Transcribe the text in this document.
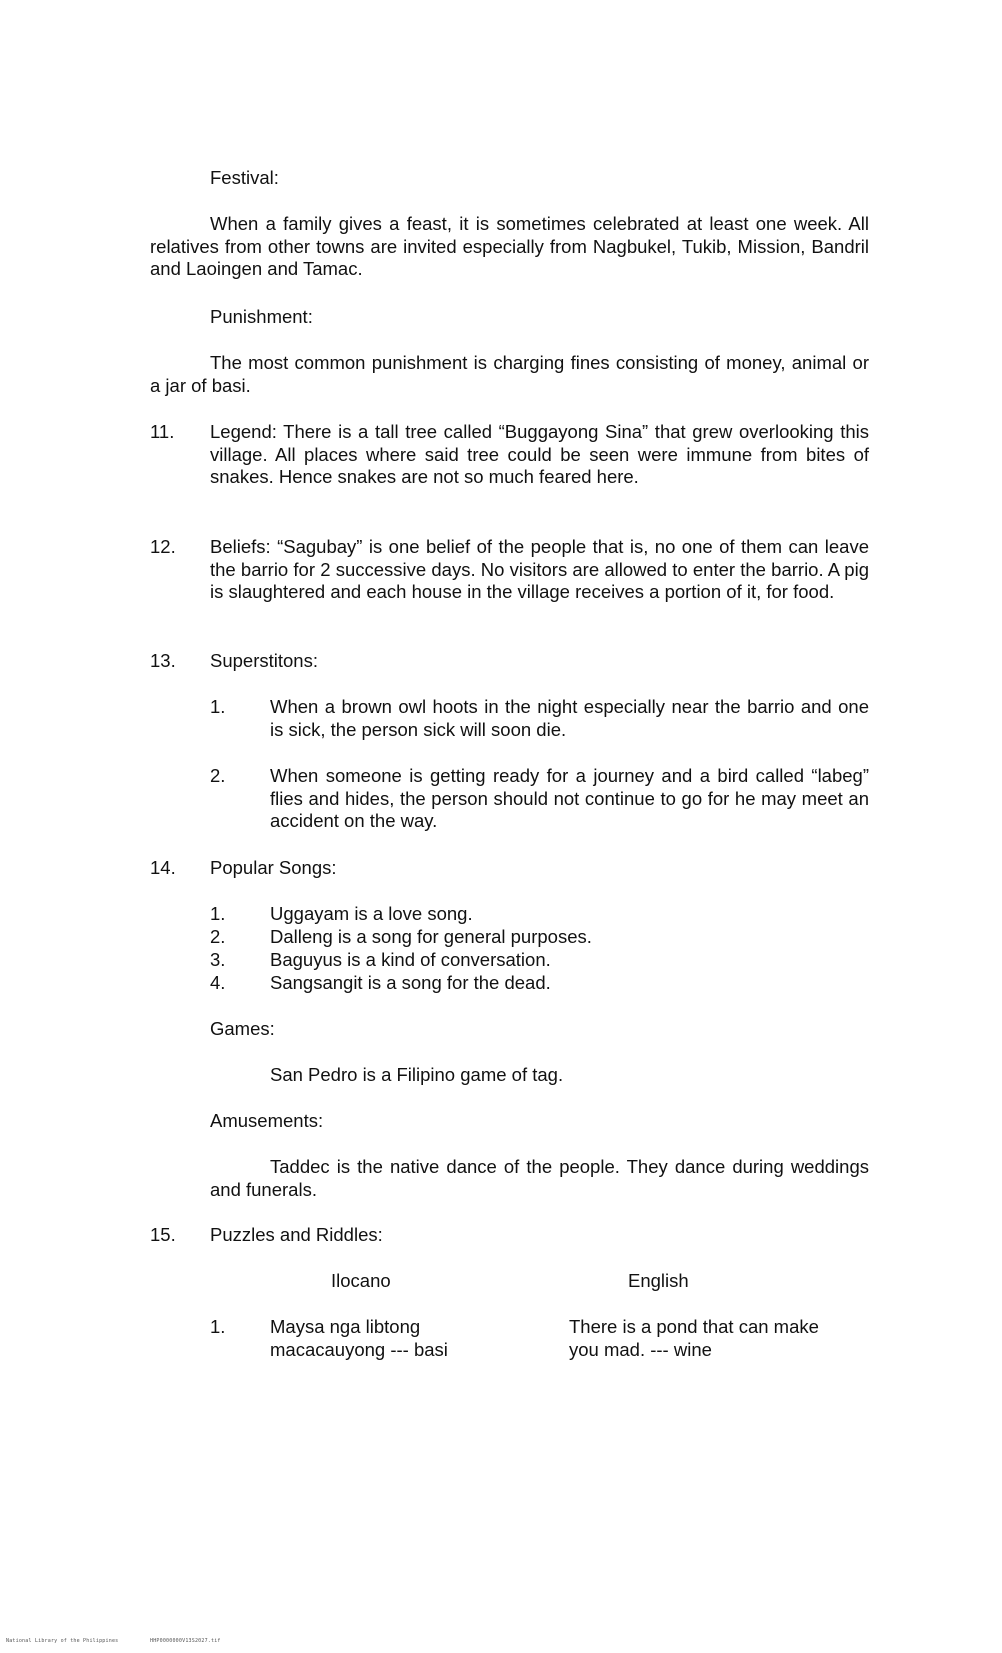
Festival:
When a family gives a feast, it is sometimes celebrated at least one week. All relatives from other towns are invited especially from Nagbukel, Tukib, Mission, Bandril and Laoingen and Tamac.
Punishment:
The most common punishment is charging fines consisting of money, animal or a jar of basi.
11. Legend: There is a tall tree called “Buggayong Sina” that grew overlooking this village. All places where said tree could be seen were immune from bites of snakes. Hence snakes are not so much feared here.
12. Beliefs: “Sagubay” is one belief of the people that is, no one of them can leave the barrio for 2 successive days. No visitors are allowed to enter the barrio. A pig is slaughtered and each house in the village receives a portion of it, for food.
13. Superstitons:
1. When a brown owl hoots in the night especially near the barrio and one is sick, the person sick will soon die.
2. When someone is getting ready for a journey and a bird called “labeg” flies and hides, the person should not continue to go for he may meet an accident on the way.
14. Popular Songs:
1. Uggayam is a love song.
2. Dalleng is a song for general purposes.
3. Baguyus is a kind of conversation.
4. Sangsangit is a song for the dead.
Games:
San Pedro is a Filipino game of tag.
Amusements:
Taddec is the native dance of the people. They dance during weddings and funerals.
15. Puzzles and Riddles:
Ilocano	English
1. Maysa nga libtong
macacauyong --- basi
There is a pond that can make
you mad. --- wine
National Library of the Philippines	HHP0000000V13S2027.tif
